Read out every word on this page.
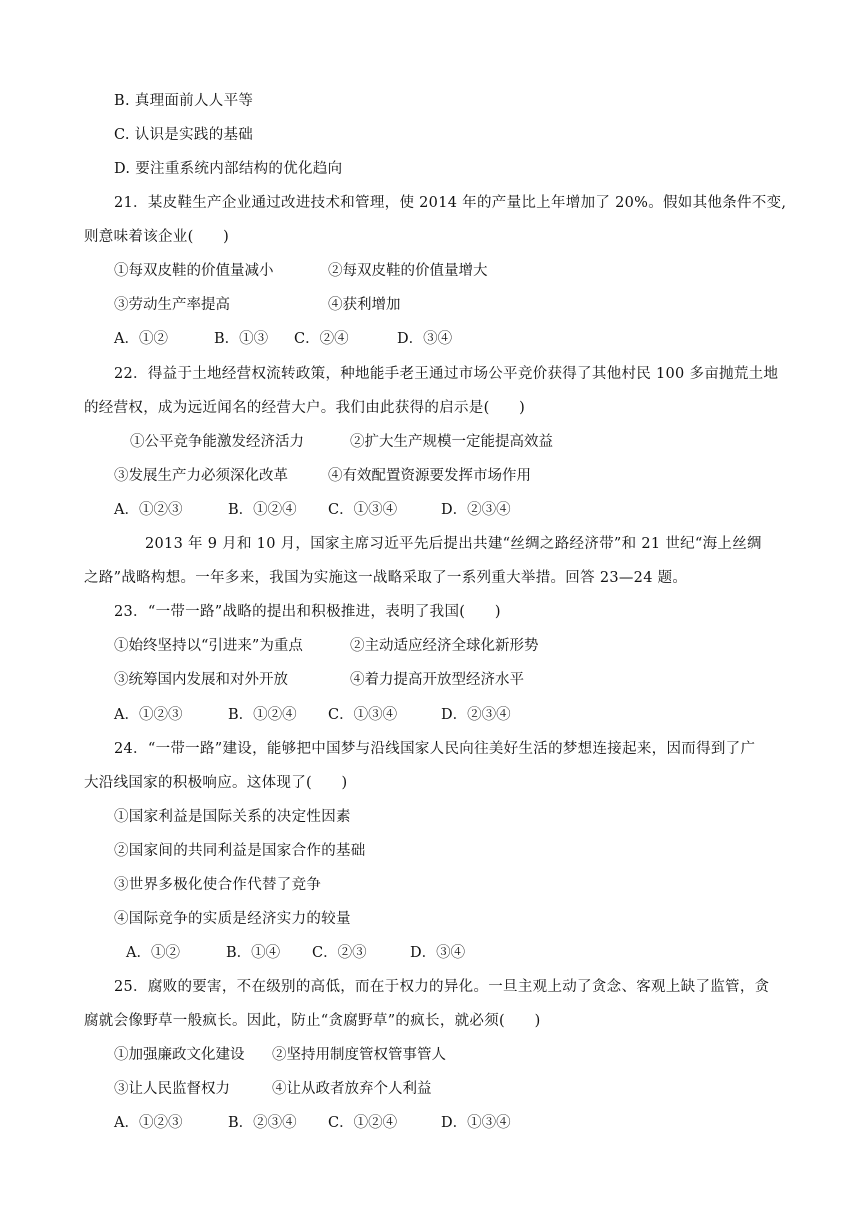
B. 真理面前人人平等
C. 认识是实践的基础
D. 要注重系统内部结构的优化趋向
21．某皮鞋生产企业通过改进技术和管理，使 2014 年的产量比上年增加了 20%。假如其他条件不变,
则意味着该企业(　　)
①每双皮鞋的价值量减小	②每双皮鞋的价值量增大
③劳动生产率提高	④获利增加
A．①②	B．①③ C．②④	D．③④
22．得益于土地经营权流转政策，种地能手老王通过市场公平竞价获得了其他村民 100 多亩抛荒土地
的经营权，成为远近闻名的经营大户。我们由此获得的启示是(　　)
①公平竞争能激发经济活力	②扩大生产规模一定能提高效益
③发展生产力必须深化改革	④有效配置资源要发挥市场作用
A．①②③	B．①②④ C．①③④	D．②③④
2013 年 9 月和 10 月，国家主席习近平先后提出共建“丝绸之路经济带”和 21 世纪“海上丝绸
之路”战略构想。一年多来，我国为实施这一战略采取了一系列重大举措。回答 23—24 题。
23．“一带一路”战略的提出和积极推进，表明了我国(　　)
①始终坚持以“引进来”为重点	②主动适应经济全球化新形势
③统筹国内发展和对外开放	④着力提高开放型经济水平
A．①②③	B．①②④ C．①③④	D．②③④
24．“一带一路”建设，能够把中国梦与沿线国家人民向往美好生活的梦想连接起来，因而得到了广
大沿线国家的积极响应。这体现了(　　)
①国家利益是国际关系的决定性因素
②国家间的共同利益是国家合作的基础
③世界多极化使合作代替了竞争
④国际竞争的实质是经济实力的较量
A．①②	B．①④ C．②③	D．③④
25．腐败的要害，不在级别的高低，而在于权力的异化。一旦主观上动了贪念、客观上缺了监管，贪
腐就会像野草一般疯长。因此，防止“贪腐野草”的疯长，就必须(　　)
①加强廉政文化建设 ②坚持用制度管权管事管人
③让人民监督权力	④让从政者放弃个人利益
A．①②③	B．②③④ C．①②④	D．①③④
